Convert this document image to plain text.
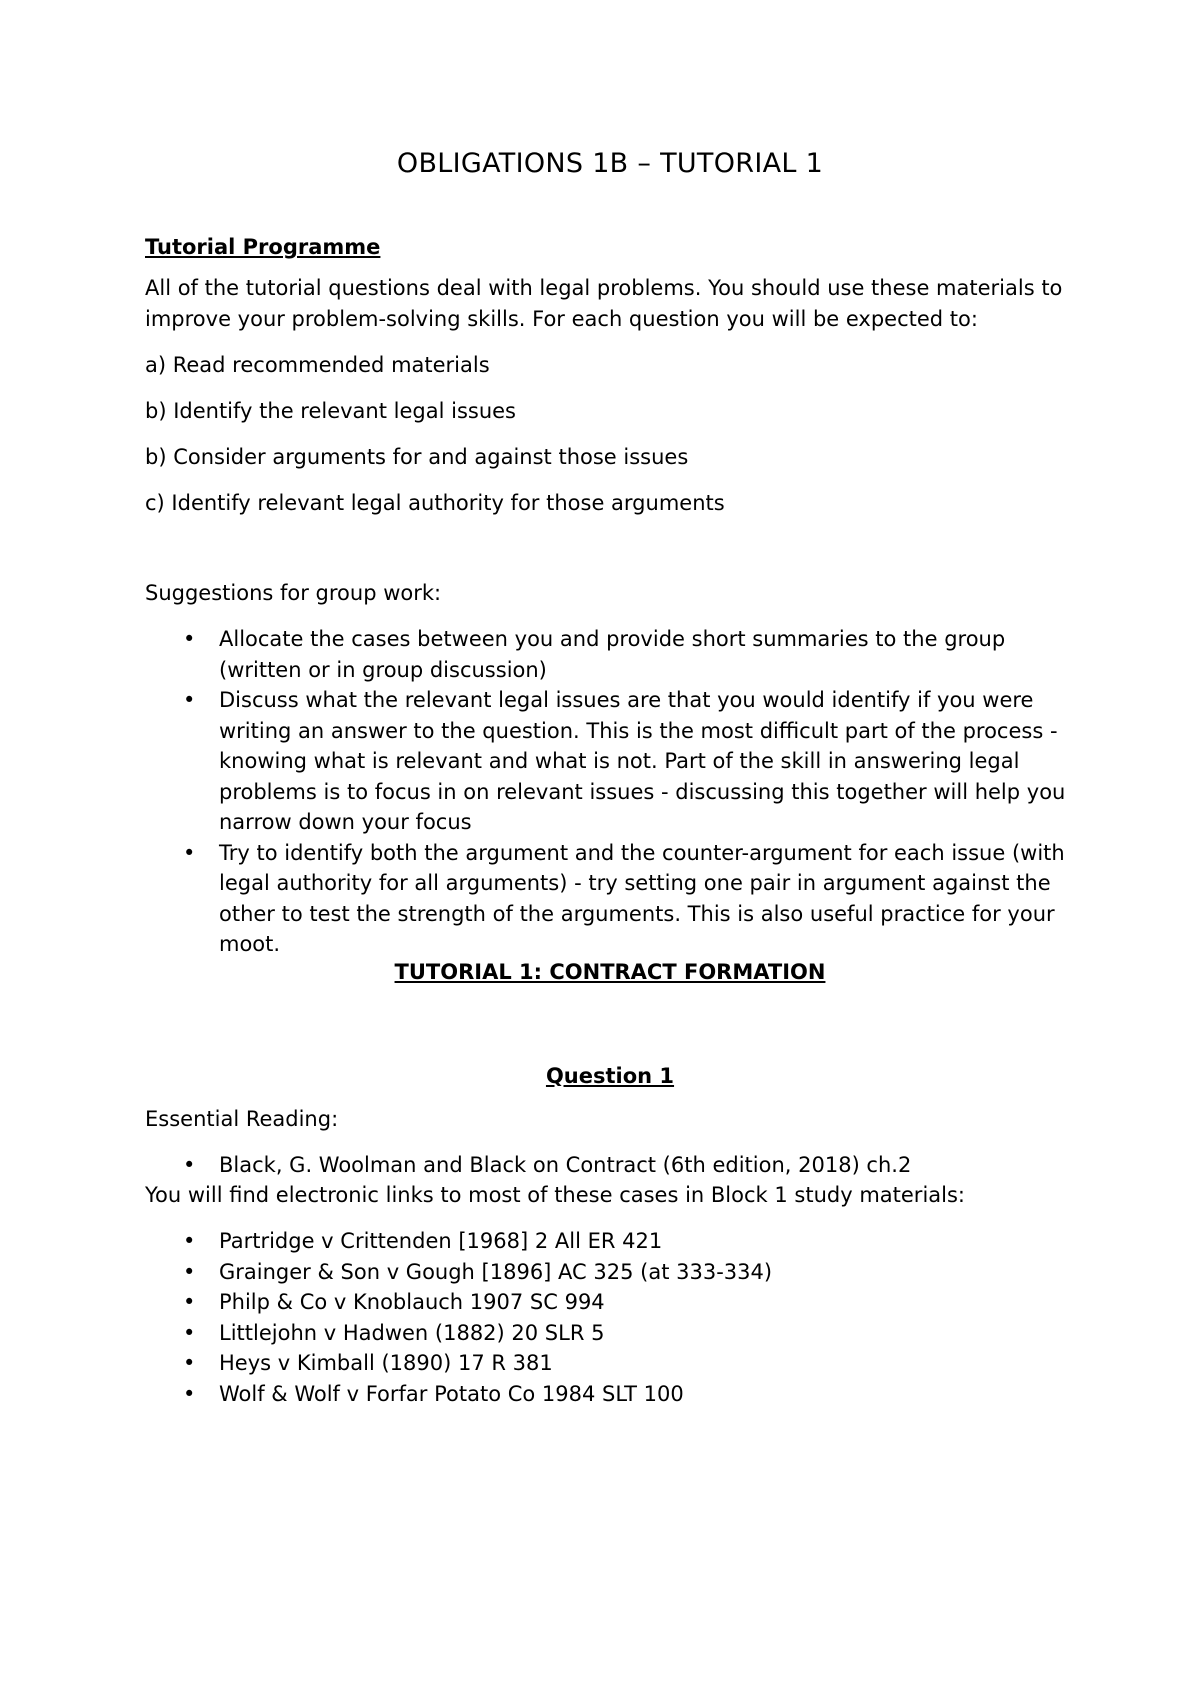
OBLIGATIONS 1B – TUTORIAL 1
Tutorial Programme

All of the tutorial questions deal with legal problems. You should use these materials to improve your problem-solving skills. For each question you will be expected to:

a) Read recommended materials

b) Identify the relevant legal issues

b) Consider arguments for and against those issues

c) Identify relevant legal authority for those arguments

Suggestions for group work:

• Allocate the cases between you and provide short summaries to the group (written or in group discussion)
• Discuss what the relevant legal issues are that you would identify if you were writing an answer to the question. This is the most difficult part of the process - knowing what is relevant and what is not. Part of the skill in answering legal problems is to focus in on relevant issues - discussing this together will help you narrow down your focus
• Try to identify both the argument and the counter-argument for each issue (with legal authority for all arguments) - try setting one pair in argument against the other to test the strength of the arguments. This is also useful practice for your moot.
TUTORIAL 1: CONTRACT FORMATION
Question 1

Essential Reading:

• Black, G. Woolman and Black on Contract (6th edition, 2018) ch.2

You will find electronic links to most of these cases in Block 1 study materials:

• Partridge v Crittenden [1968] 2 All ER 421
• Grainger & Son v Gough [1896] AC 325 (at 333-334)
• Philp & Co v Knoblauch 1907 SC 994
• Littlejohn v Hadwen (1882) 20 SLR 5
• Heys v Kimball (1890) 17 R 381
• Wolf & Wolf v Forfar Potato Co 1984 SLT 100
